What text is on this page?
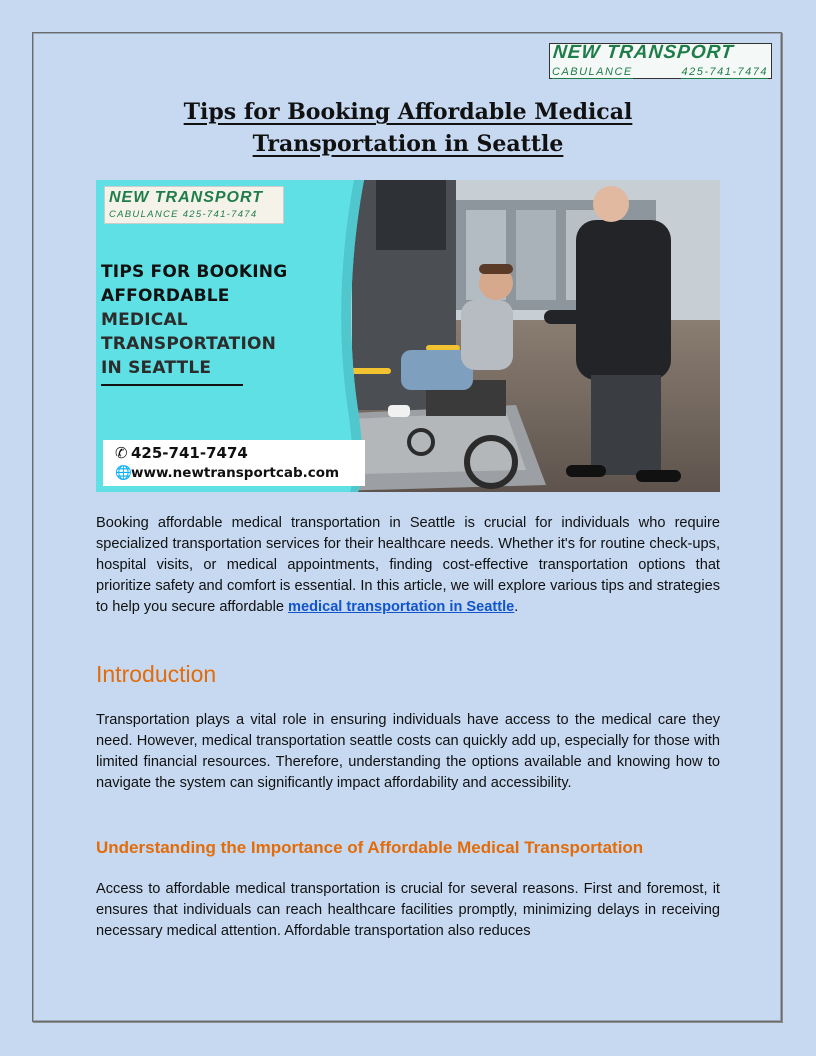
NEW TRANSPORT
CABULANCE	425-741-7474
Tips for Booking Affordable Medical
Transportation in Seattle
NEW TRANSPORT
CABULANCE 425-741-7474
TIPS FOR BOOKING
AFFORDABLE
MEDICAL
TRANSPORTATION
IN SEATTLE
✆ 425-741-7474
🌐www.newtransportcab.com
Booking affordable medical transportation in Seattle is crucial for individuals who require specialized transportation services for their healthcare needs. Whether it's for routine check-ups, hospital visits, or medical appointments, finding cost-effective transportation options that prioritize safety and comfort is essential. In this article, we will explore various tips and strategies to help you secure affordable medical transportation in Seattle.
Introduction
Transportation plays a vital role in ensuring individuals have access to the medical care they need. However, medical transportation seattle costs can quickly add up, especially for those with limited financial resources. Therefore, understanding the options available and knowing how to navigate the system can significantly impact affordability and accessibility.
Understanding the Importance of Affordable Medical Transportation
Access to affordable medical transportation is crucial for several reasons. First and foremost, it ensures that individuals can reach healthcare facilities promptly, minimizing delays in receiving necessary medical attention. Affordable transportation also reduces
